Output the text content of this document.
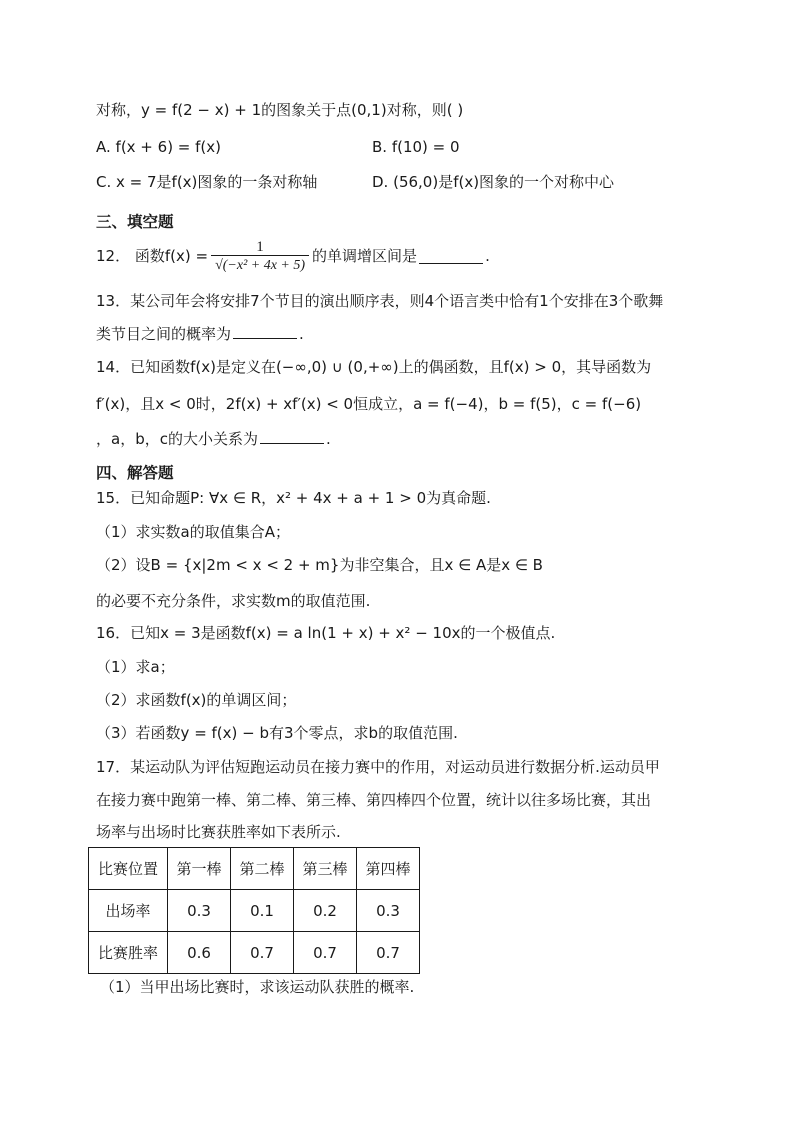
对称，y = f(2 − x) + 1的图象关于点(0,1)对称，则( )
A. f(x + 6) = f(x)	B. f(10) = 0
C. x = 7是f(x)图象的一条对称轴	D. (56,0)是f(x)图象的一个对称中心
三、填空题
12． 函数$f(x) = \frac{1}{\text{√(−x² + 4x + 5)}}$ 的单调增区间是	.
13．某公司年会将安排7个节目的演出顺序表，则4个语言类中恰有1个安排在3个歌舞
类节目之间的概率为	.
14．已知函数f(x)是定义在(−∞,0) ∪ (0,+∞)上的偶函数，且f(x) > 0，其导函数为
f′(x)，且x < 0时，2f(x) + xf′(x) < 0恒成立，a = f(−4)，b = f(5)，c = f(−6)
，a，b，c的大小关系为	.
四、解答题
15．已知命题P: ∀x ∈ R，x² + 4x + a + 1 > 0为真命题.
（1）求实数a的取值集合A；
（2）设B = {x|2m < x < 2 + m}为非空集合，且x ∈ A是x ∈ B
的必要不充分条件，求实数m的取值范围.
16．已知x = 3是函数f(x) = a ln(1 + x) + x² − 10x的一个极值点.
（1）求a；
（2）求函数f(x)的单调区间；
（3）若函数y = f(x) − b有3个零点，求b的取值范围.
17．某运动队为评估短跑运动员在接力赛中的作用，对运动员进行数据分析.运动员甲
在接力赛中跑第一棒、第二棒、第三棒、第四棒四个位置，统计以往多场比赛，其出
场率与出场时比赛获胜率如下表所示.
比赛位置	第一棒	第二棒	第三棒	第四棒
出场率	0.3	0.1	0.2	0.3
比赛胜率	0.6	0.7	0.7	0.7
（1）当甲出场比赛时，求该运动队获胜的概率.
